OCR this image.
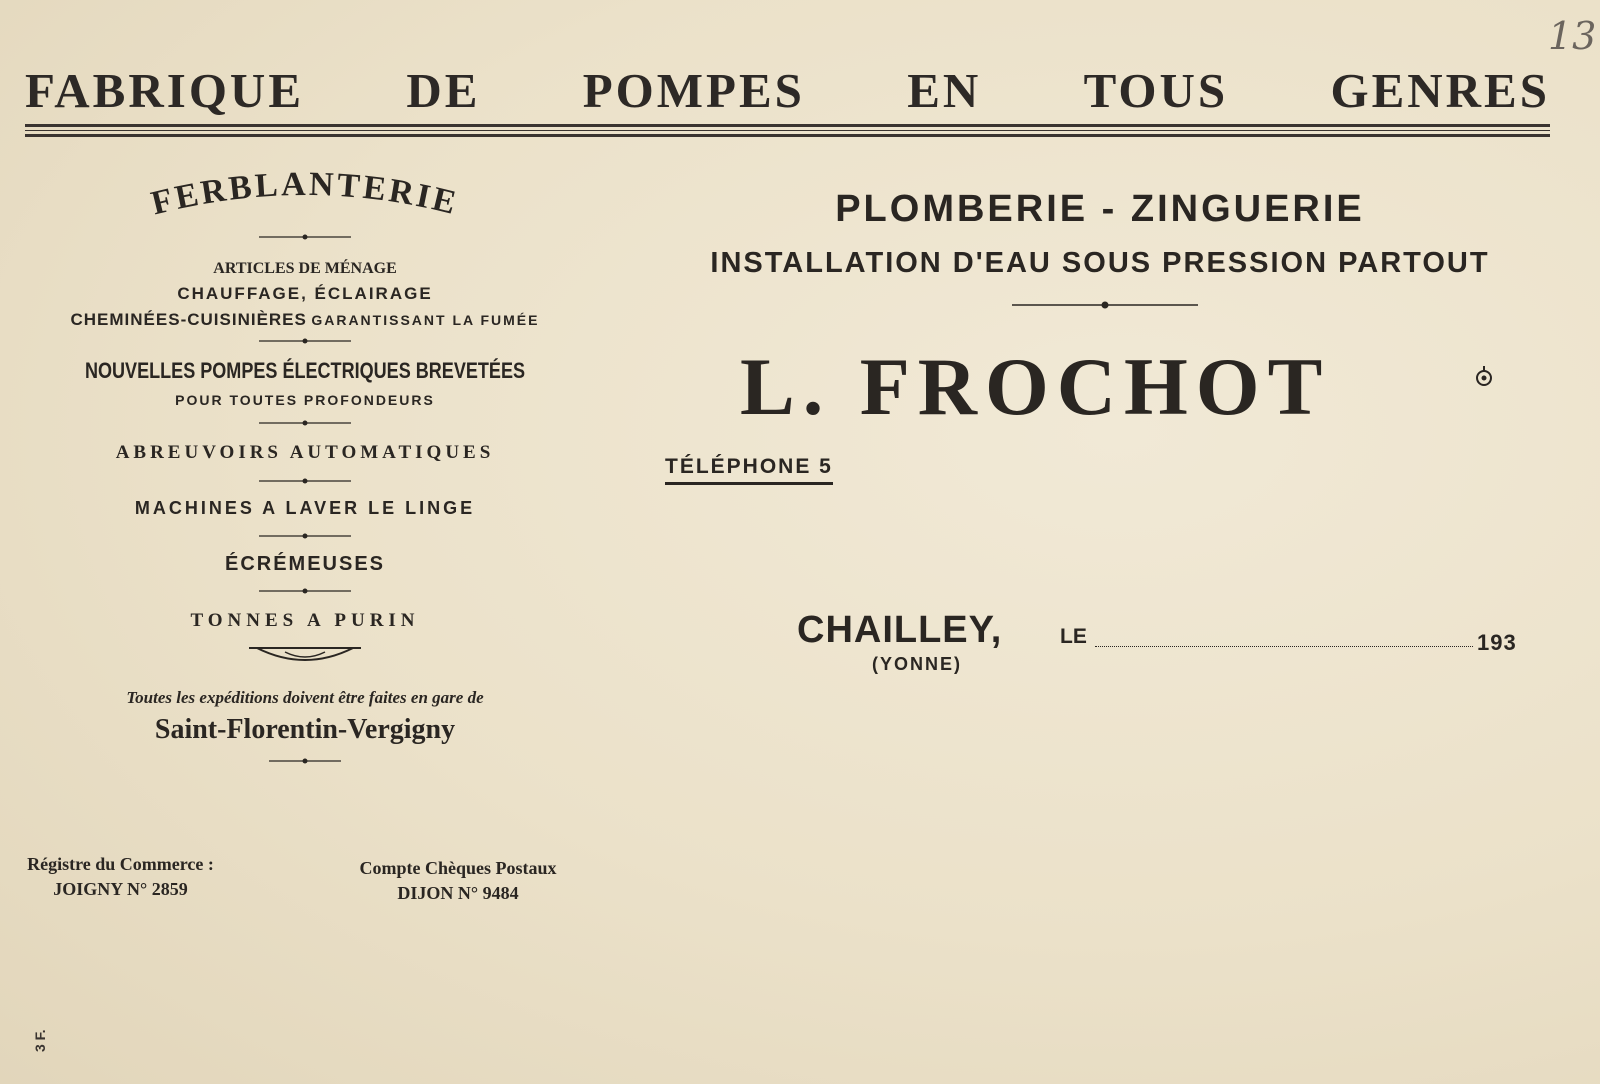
FABRIQUE DE POMPES EN TOUS GENRES
13
FERBLANTERIE
ARTICLES DE MÉNAGE
CHAUFFAGE, ÉCLAIRAGE
CHEMINÉES-CUISINIÈRES GARANTISSANT LA FUMÉE
NOUVELLES POMPES ÉLECTRIQUES BREVETÉES
POUR TOUTES PROFONDEURS
ABREUVOIRS AUTOMATIQUES
MACHINES A LAVER LE LINGE
ÉCRÉMEUSES
TONNES A PURIN
Toutes les expéditions doivent être faites en gare de
Saint-Florentin-Vergigny
Régistre du Commerce :
JOIGNY N° 2859
Compte Chèques Postaux
DIJON N° 9484
3 F.
PLOMBERIE - ZINGUERIE
INSTALLATION D'EAU SOUS PRESSION PARTOUT
L. FROCHOT
TÉLÉPHONE 5
CHAILLEY,	LE	193
(YONNE)
